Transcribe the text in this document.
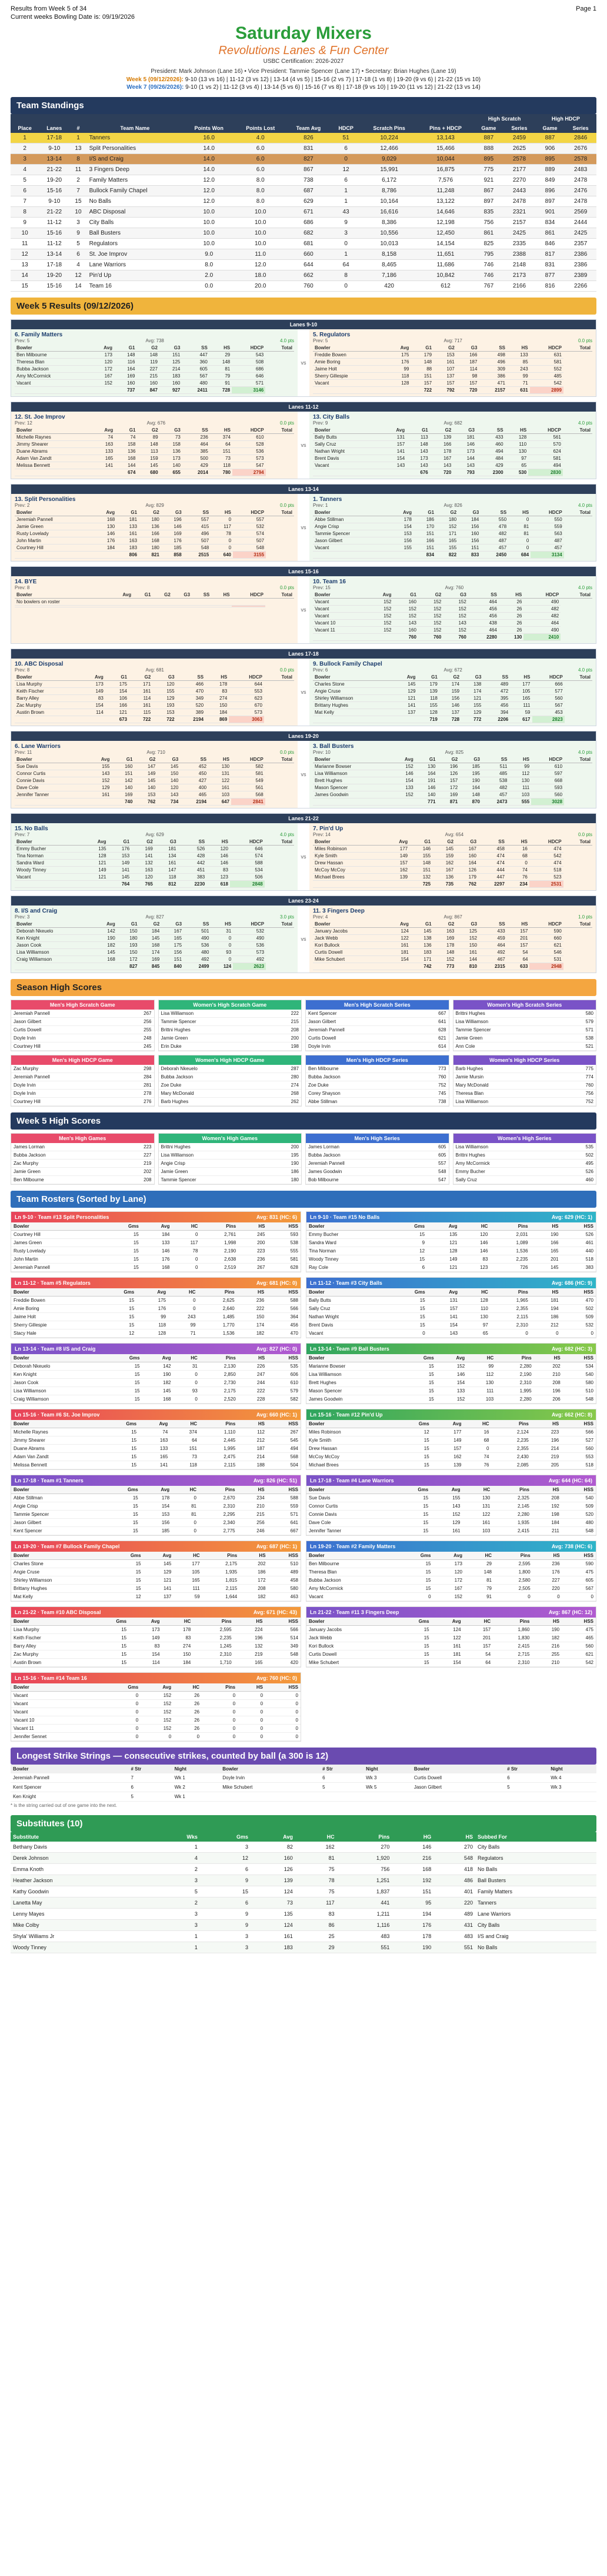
Results from Week 5 of 34
Current weeks Bowling Date is: 09/19/2026
Page 1
Saturday Mixers
Revolutions Lanes & Fun Center
USBC Certification: 2026-2027
President: Mark Johnson (Lane 16) • Vice President: Tammie Spencer (Lane 17) • Secretary: Brian Hughes (Lane 19)
Week 5 (09/12/2026): 9-10 (13 vs 16) | 11-12 (3 vs 12) | 13-14 (4 vs 5) | 15-16 (2 vs 7) | 17-18 (1 vs 8) | 19-20 (9 vs 6) | 21-22 (15 vs 10)
Week 7 (09/26/2026): 9-10 (1 vs 2) | 11-12 (3 vs 4) | 13-14 (5 vs 6) | 15-16 (7 vs 8) | 17-18 (9 vs 10) | 19-20 (11 vs 12) | 21-22 (13 vs 14)
Team Standings
										High Scratch		High HDCP	
Place	Lanes	#	Team Name	Points Won	Points Lost	Team Avg	HDCP	Scratch Pins	Pins + HDCP	Game	Series	Game	Series
1	17-18	1	Tanners	16.0	4.0	826	51	10,224	13,143	887	2459	887	2846
2	9-10	13	Split Personalities	14.0	6.0	831	6	12,466	15,466	888	2625	906	2676
3	13-14	8	I/S and Craig	14.0	6.0	827	0	9,029	10,044	895	2578	895	2578
4	21-22	11	3 Fingers Deep	14.0	6.0	867	12	15,991	16,875	775	2177	889	2483
5	19-20	2	Family Matters	12.0	8.0	738	6	6,172	7,576	921	2270	849	2478
6	15-16	7	Bullock Family Chapel	12.0	8.0	687	1	8,786	11,248	867	2443	896	2476
7	9-10	15	No Balls	12.0	8.0	629	1	10,164	13,122	897	2478	897	2478
8	21-22	10	ABC Disposal	10.0	10.0	671	43	16,616	14,646	835	2321	901	2569
9	11-12	3	City Balls	10.0	10.0	686	9	8,386	12,198	756	2157	834	2444
10	15-16	9	Ball Busters	10.0	10.0	682	3	10,556	12,450	861	2425	861	2425
11	11-12	5	Regulators	10.0	10.0	681	0	10,013	14,154	825	2335	846	2357
12	13-14	6	St. Joe Improv	9.0	11.0	660	1	8,158	11,651	795	2388	817	2386
13	17-18	4	Lane Warriors	8.0	12.0	644	64	8,465	11,686	746	2148	831	2386
14	19-20	12	Pin'd Up	2.0	18.0	662	8	7,186	10,842	746	2173	877	2389
15	15-16	14	Team 16	0.0	20.0	760	0	420	612	767	2166	816	2266
Week 5 Results (09/12/2026)
Lanes 9-10
6. Family Matters
Prev: 5	Avg: 738	4.0 pts
Bowler	Avg	G1	G2	G3	SS	HS	HDCP	Total
Ben Milbourne	173	148	148	151	447	29	543	
Theresa Blan	120	116	119	125	360	148	508	
Bubba Jackson	172	164	227	214	605	81	686	
Amy McCormick	167	169	215	183	567	79	646	
Vacant	152	160	160	160	480	91	571	
		737	847	927	2411	728	3146	
vs
5. Regulators
Prev: 5	Avg: 717	0.0 pts
Bowler	Avg	G1	G2	G3	SS	HS	HDCP	Total
Freddie Bowen	175	179	153	166	498	133	631	
Amie Boring	176	148	161	187	496	85	581	
Jaime Holt	99	88	107	114	309	243	552	
Sherry Gillespie	118	151	137	98	386	99	485	
Vacant	128	157	157	157	471	71	542	
		722	792	720	2157	631	2899	
Lanes 11-12
12. St. Joe Improv
Prev: 12	Avg: 676	0.0 pts
Bowler	Avg	G1	G2	G3	SS	HS	HDCP	Total
Michelle Raynes	74	74	89	73	236	374	610	
Jimmy Shearer	163	158	148	158	464	64	528	
Duane Abrams	133	136	113	136	385	151	536	
Adam Van Zandt	165	168	159	173	500	73	573	
Melissa Bennett	141	144	145	140	429	118	547	
		674	680	655	2014	780	2794	
vs
13. City Balls
Prev: 9	Avg: 682	4.0 pts
Bowler	Avg	G1	G2	G3	SS	HS	HDCP	Total
Bally Butts	131	113	139	181	433	128	561	
Sally Cruz	157	148	166	146	460	110	570	
Nathan Wright	141	143	178	173	494	130	624	
Brent Davis	154	173	167	144	484	97	581	
Vacant	143	143	143	143	429	65	494	
		676	720	793	2300	530	2830	
Lanes 13-14
13. Split Personalities
Prev: 2	Avg: 829	0.0 pts
Bowler	Avg	G1	G2	G3	SS	HS	HDCP	Total
Jeremiah Pannell	168	181	180	196	557	0	557	
Jamie Green	130	133	136	146	415	117	532	
Rusty Lovelady	146	161	166	169	496	78	574	
John Martin	176	163	168	176	507	0	507	
Courtney Hill	184	183	180	185	548	0	548	
		806	821	858	2515	640	3155	
vs
1. Tanners
Prev: 1	Avg: 826	4.0 pts
Bowler	Avg	G1	G2	G3	SS	HS	HDCP	Total
Abbe Stillman	178	186	180	184	550	0	550	
Angie Crisp	154	170	152	156	478	81	559	
Tammie Spencer	153	151	171	160	482	81	563	
Jason Gilbert	156	166	165	156	487	0	487	
Vacant	155	151	155	151	457	0	457	
		834	822	833	2450	684	3134	
Lanes 15-16
14. BYE
Prev: 8	0.0 pts
Bowler	Avg	G1	G2	G3	SS	HS	HDCP	Total
No bowlers on roster								

vs
10. Team 16
Prev: 15	Avg: 760	4.0 pts
Bowler	Avg	G1	G2	G3	SS	HS	HDCP	Total
Vacant	152	160	152	152	464	26	490	
Vacant	152	152	152	152	456	26	482	
Vacant	152	152	152	152	456	26	482	
Vacant 10	152	143	152	143	438	26	464	
Vacant 11	152	160	152	152	464	26	490	
		760	760	760	2280	130	2410	
Lanes 17-18
10. ABC Disposal
Prev: 8	Avg: 681	0.0 pts
Bowler	Avg	G1	G2	G3	SS	HS	HDCP	Total
Lisa Murphy	173	175	171	120	466	178	644	
Keith Fischer	149	154	161	155	470	83	553	
Barry Alley	83	106	114	129	349	274	623	
Zac Murphy	154	166	161	193	520	150	670	
Austin Brown	114	121	115	153	389	184	573	
		673	722	722	2194	869	3063	
vs
9. Bullock Family Chapel
Prev: 6	Avg: 672	4.0 pts
Bowler	Avg	G1	G2	G3	SS	HS	HDCP	Total
Charles Stone	145	179	174	138	489	177	666	
Angie Cruse	129	139	159	174	472	105	577	
Shirley Williamson	121	118	156	121	395	165	560	
Brittany Hughes	141	155	146	155	456	111	567	
Mat Kelly	137	128	137	129	394	59	453	
		719	728	772	2206	617	2823	
Lanes 19-20
6. Lane Warriors
Prev: 11	Avg: 710	0.0 pts
Bowler	Avg	G1	G2	G3	SS	HS	HDCP	Total
Sue Davis	155	160	147	145	452	130	582	
Connor Curtis	143	151	149	150	450	131	581	
Connie Davis	152	142	145	140	427	122	549	
Dave Cole	129	140	140	120	400	161	561	
Jennifer Tanner	161	169	153	143	465	103	568	
		740	762	734	2194	647	2841	
vs
3. Ball Busters
Prev: 10	Avg: 825	4.0 pts
Bowler	Avg	G1	G2	G3	SS	HS	HDCP	Total
Marianne Bowser	152	130	196	185	511	99	610	
Lisa Williamson	146	164	126	195	485	112	597	
Brett Hughes	154	191	157	190	538	130	668	
Mason Spencer	133	146	172	164	482	111	593	
James Goodwin	152	140	169	148	457	103	560	
		771	871	870	2473	555	3028	
Lanes 21-22
15. No Balls
Prev: 7	Avg: 629	4.0 pts
Bowler	Avg	G1	G2	G3	SS	HS	HDCP	Total
Emmy Bucher	135	176	169	181	526	120	646	
Tina Norman	128	153	141	134	428	146	574	
Sandra Ward	121	149	132	161	442	146	588	
Woody Tinney	149	141	163	147	451	83	534	
Vacant	121	145	120	118	383	123	506	
		764	765	812	2230	618	2848	
vs
7. Pin'd Up
Prev: 14	Avg: 654	0.0 pts
Bowler	Avg	G1	G2	G3	SS	HS	HDCP	Total
Miles Robinson	177	146	145	167	458	16	474	
Kyle Smith	149	155	159	160	474	68	542	
Drew Hassan	157	148	162	164	474	0	474	
McCoy McCoy	162	151	167	126	444	74	518	
Michael Brees	139	132	136	179	447	76	523	
		725	735	762	2297	234	2531	
Lanes 23-24
8. I/S and Craig
Prev: 3	Avg: 827	3.0 pts
Bowler	Avg	G1	G2	G3	SS	HS	HDCP	Total
Deborah Nkeuelo	142	150	184	167	501	31	532	
Ken Knight	190	180	145	165	490	0	490	
Jason Cook	182	193	168	175	536	0	536	
Lisa Williamson	145	150	174	156	480	93	573	
Craig Williamson	168	172	169	151	492	0	492	
		827	845	840	2499	124	2623	
vs
11. 3 Fingers Deep
Prev: 4	Avg: 867	1.0 pts
Bowler	Avg	G1	G2	G3	SS	HS	HDCP	Total
January Jacobs	124	145	163	125	433	157	590	
Jack Webb	122	138	169	152	459	201	660	
Kori Bullock	161	136	178	150	464	157	621	
Curtis Dowell	181	183	148	161	492	54	546	
Mike Schubert	154	171	152	144	467	64	531	
		742	773	810	2315	633	2948	
Season High Scores
Men's High Scratch Game
Jeremiah Pannell	267
Jason Gilbert	256
Curtis Dowell	255
Doyle Irvin	248
Courtney Hill	245
Women's High Scratch Game
Lisa Williamson	222
Tammie Spencer	215
Brittni Hughes	208
Jamie Green	200
Erin Duke	198
Men's High Scratch Series
Kent Spencer	667
Jason Gilbert	641
Jeremiah Pannell	628
Curtis Dowell	621
Doyle Irvin	614
Women's High Scratch Series
Brittni Hughes	580
Lisa Williamson	579
Tammie Spencer	571
Jamie Green	538
Ann Cole	521
Men's High HDCP Game
Zac Murphy	298
Jeremiah Pannell	284
Doyle Irvin	281
Doyle Irvin	278
Courtney Hill	276
Women's High HDCP Game
Deborah Nkeuelo	287
Bubba Jackson	280
Zoe Duke	274
Mary McDonald	268
Barb Hughes	262
Men's High HDCP Series
Ben Milbourne	773
Bubba Jackson	760
Zoe Duke	752
Corey Shayson	745
Abbe Stillman	738
Women's High HDCP Series
Barb Hughes	775
Jamie Mursin	774
Mary McDonald	760
Theresa Blan	756
Lisa Williamson	752
Week 5 High Scores
Men's High Games
James Lorman	223
Bubba Jackson	227
Zac Murphy	219
Jamie Green	202
Ben Milbourne	208
Women's High Games
Brittni Hughes	200
Lisa Williamson	195
Angie Crisp	190
Jamie Green	186
Tammie Spencer	180
Men's High Series
James Lorman	605
Bubba Jackson	605
Jeremiah Pannell	557
James Goodwin	548
Bob Milbourne	547
Women's High Series
Lisa Williamson	535
Brittni Hughes	502
Amy McCormick	495
Emmy Bucher	526
Sally Cruz	460
Team Rosters (Sorted by Lane)
Ln 9-10 · Team #13 Split Personalities	Avg: 831 (HC: 6)
Bowler	Gms	Avg	HC	Pins	HS	HSS
Courtney Hill	15	184	0	2,761	245	593
James Green	15	133	117	1,998	200	538
Rusty Lovelady	15	146	78	2,190	223	555
John Martin	15	176	0	2,638	236	581
Jeremiah Pannell	15	168	0	2,519	267	628
Ln 9-10 · Team #15 No Balls	Avg: 629 (HC: 1)
Bowler	Gms	Avg	HC	Pins	HS	HSS
Emmy Bucher	15	135	120	2,031	190	526
Sandra Ward	9	121	146	1,089	166	461
Tina Norman	12	128	146	1,536	165	440
Woody Tinney	15	149	83	2,235	201	518
Ray Cole	6	121	123	726	145	383
Ln 11-12 · Team #5 Regulators	Avg: 681 (HC: 0)
Bowler	Gms	Avg	HC	Pins	HS	HSS
Freddie Bowen	15	175	0	2,625	236	588
Amie Boring	15	176	0	2,640	222	566
Jaime Holt	15	99	243	1,485	150	364
Sherry Gillespie	15	118	99	1,770	174	456
Stacy Hale	12	128	71	1,536	182	470
Ln 11-12 · Team #3 City Balls	Avg: 686 (HC: 9)
Bowler	Gms	Avg	HC	Pins	HS	HSS
Bally Butts	15	131	128	1,965	181	470
Sally Cruz	15	157	110	2,355	194	502
Nathan Wright	15	141	130	2,115	186	509
Brent Davis	15	154	97	2,310	212	532
Vacant	0	143	65	0	0	0
Ln 13-14 · Team #8 I/S and Craig	Avg: 827 (HC: 0)
Bowler	Gms	Avg	HC	Pins	HS	HSS
Deborah Nkeuelo	15	142	31	2,130	226	535
Ken Knight	15	190	0	2,850	247	606
Jason Cook	15	182	0	2,730	244	610
Lisa Williamson	15	145	93	2,175	222	579
Craig Williamson	15	168	0	2,520	228	582
Ln 13-14 · Team #9 Ball Busters	Avg: 682 (HC: 3)
Bowler	Gms	Avg	HC	Pins	HS	HSS
Marianne Bowser	15	152	99	2,280	202	534
Lisa Williamson	15	146	112	2,190	210	540
Brett Hughes	15	154	130	2,310	208	580
Mason Spencer	15	133	111	1,995	196	510
James Goodwin	15	152	103	2,280	206	548
Ln 15-16 · Team #6 St. Joe Improv	Avg: 660 (HC: 1)
Bowler	Gms	Avg	HC	Pins	HS	HSS
Michelle Raynes	15	74	374	1,110	112	267
Jimmy Shearer	15	163	64	2,445	212	545
Duane Abrams	15	133	151	1,995	187	494
Adam Van Zandt	15	165	73	2,475	214	568
Melissa Bennett	15	141	118	2,115	188	504
Ln 15-16 · Team #12 Pin'd Up	Avg: 662 (HC: 8)
Bowler	Gms	Avg	HC	Pins	HS	HSS
Miles Robinson	12	177	16	2,124	223	566
Kyle Smith	15	149	68	2,235	196	527
Drew Hassan	15	157	0	2,355	214	560
McCoy McCoy	15	162	74	2,430	219	553
Michael Brees	15	139	76	2,085	205	518
Ln 17-18 · Team #1 Tanners	Avg: 826 (HC: 51)
Bowler	Gms	Avg	HC	Pins	HS	HSS
Abbe Stillman	15	178	0	2,670	234	588
Angie Crisp	15	154	81	2,310	210	559
Tammie Spencer	15	153	81	2,295	215	571
Jason Gilbert	15	156	0	2,340	256	641
Kent Spencer	15	185	0	2,775	246	667
Ln 17-18 · Team #4 Lane Warriors	Avg: 644 (HC: 64)
Bowler	Gms	Avg	HC	Pins	HS	HSS
Sue Davis	15	155	130	2,325	208	540
Connor Curtis	15	143	131	2,145	192	509
Connie Davis	15	152	122	2,280	198	520
Dave Cole	15	129	161	1,935	184	480
Jennifer Tanner	15	161	103	2,415	211	548
Ln 19-20 · Team #7 Bullock Family Chapel	Avg: 687 (HC: 1)
Bowler	Gms	Avg	HC	Pins	HS	HSS
Charles Stone	15	145	177	2,175	202	510
Angie Cruse	15	129	105	1,935	186	489
Shirley Williamson	15	121	165	1,815	172	458
Brittany Hughes	15	141	111	2,115	208	580
Mat Kelly	12	137	59	1,644	182	463
Ln 19-20 · Team #2 Family Matters	Avg: 738 (HC: 6)
Bowler	Gms	Avg	HC	Pins	HS	HSS
Ben Milbourne	15	173	29	2,595	236	590
Theresa Blan	15	120	148	1,800	176	475
Bubba Jackson	15	172	81	2,580	227	605
Amy McCormick	15	167	79	2,505	220	567
Vacant	0	152	91	0	0	0
Ln 21-22 · Team #10 ABC Disposal	Avg: 671 (HC: 43)
Bowler	Gms	Avg	HC	Pins	HS	HSS
Lisa Murphy	15	173	178	2,595	224	566
Keith Fischer	15	149	83	2,235	196	514
Barry Alley	15	83	274	1,245	132	349
Zac Murphy	15	154	150	2,310	219	548
Austin Brown	15	114	184	1,710	165	420
Ln 21-22 · Team #11 3 Fingers Deep	Avg: 867 (HC: 12)
Bowler	Gms	Avg	HC	Pins	HS	HSS
January Jacobs	15	124	157	1,860	190	475
Jack Webb	15	122	201	1,830	182	465
Kori Bullock	15	161	157	2,415	216	560
Curtis Dowell	15	181	54	2,715	255	621
Mike Schubert	15	154	64	2,310	210	542
Ln 15-16 · Team #14 Team 16	Avg: 760 (HC: 0)
Bowler	Gms	Avg	HC	Pins	HS	HSS
Vacant	0	152	26	0	0	0
Vacant	0	152	26	0	0	0
Vacant	0	152	26	0	0	0
Vacant 10	0	152	26	0	0	0
Vacant 11	0	152	26	0	0	0
Jennifer Sennet	0	0	0	0	0	0
Longest Strike Strings — consecutive strikes, counted by ball (a 300 is 12)
Bowler	# Str	Night	Bowler	# Str	Night	Bowler	# Str	Night
Jeremiah Pannell	7	Wk 1	Doyle Irvin	6	Wk 3	Curtis Dowell	6	Wk 4
Kent Spencer	6	Wk 2	Mike Schubert	5	Wk 5	Jason Gilbert	5	Wk 3
Ken Knight	5	Wk 1						
* is the string carried out of one game into the next.
Substitutes (10)
Substitute	Wks	Gms	Avg	HC	Pins	HG	HS	Subbed For
Bethany Davis	1	3	82	162	270	146	270	City Balls
Derek Johnson	4	12	160	81	1,920	216	548	Regulators
Emma Knoth	2	6	126	75	756	168	418	No Balls
Heather Jackson	3	9	139	78	1,251	192	486	Ball Busters
Kathy Goodwin	5	15	124	75	1,837	151	401	Family Matters
Lanetta May	2	6	73	117	441	95	220	Tanners
Lenny Mayes	3	9	135	83	1,211	194	489	Lane Warriors
Mike Colby	3	9	124	86	1,116	176	431	City Balls
Shyla' Williams Jr	1	3	161	25	483	178	483	I/S and Craig
Woody Tinney	1	3	183	29	551	190	551	No Balls
